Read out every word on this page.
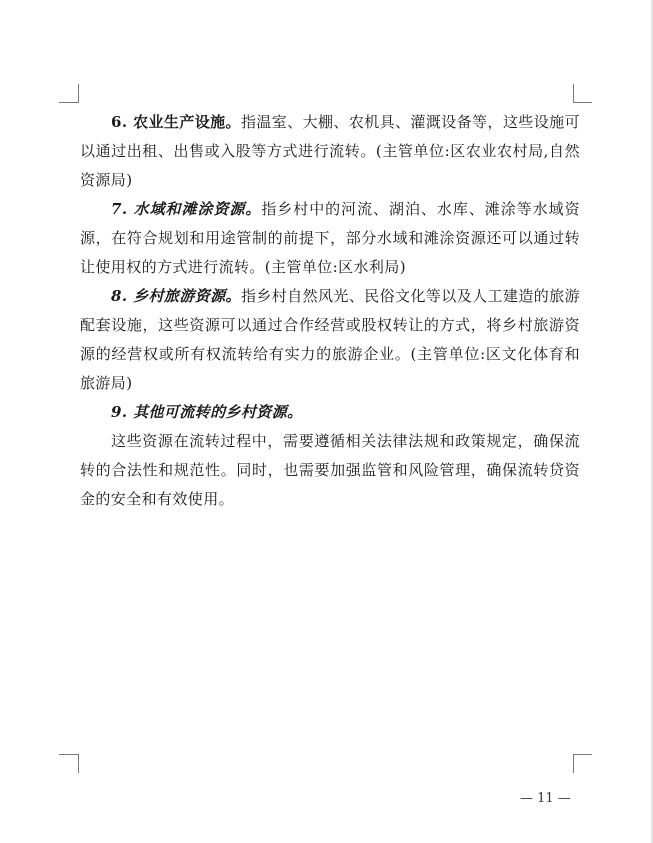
6. 农业生产设施。指温室、大棚、农机具、灌溉设备等，这些设施可以通过出租、出售或入股等方式进行流转。(主管单位:区农业农村局,自然资源局)

7. 水域和滩涂资源。指乡村中的河流、湖泊、水库、滩涂等水域资源，在符合规划和用途管制的前提下，部分水域和滩涂资源还可以通过转让使用权的方式进行流转。(主管单位:区水利局)

8. 乡村旅游资源。指乡村自然风光、民俗文化等以及人工建造的旅游配套设施，这些资源可以通过合作经营或股权转让的方式，将乡村旅游资源的经营权或所有权流转给有实力的旅游企业。(主管单位:区文化体育和旅游局)

9. 其他可流转的乡村资源。

这些资源在流转过程中，需要遵循相关法律法规和政策规定，确保流转的合法性和规范性。同时，也需要加强监管和风险管理，确保流转贷资金的安全和有效使用。

— 11 —
